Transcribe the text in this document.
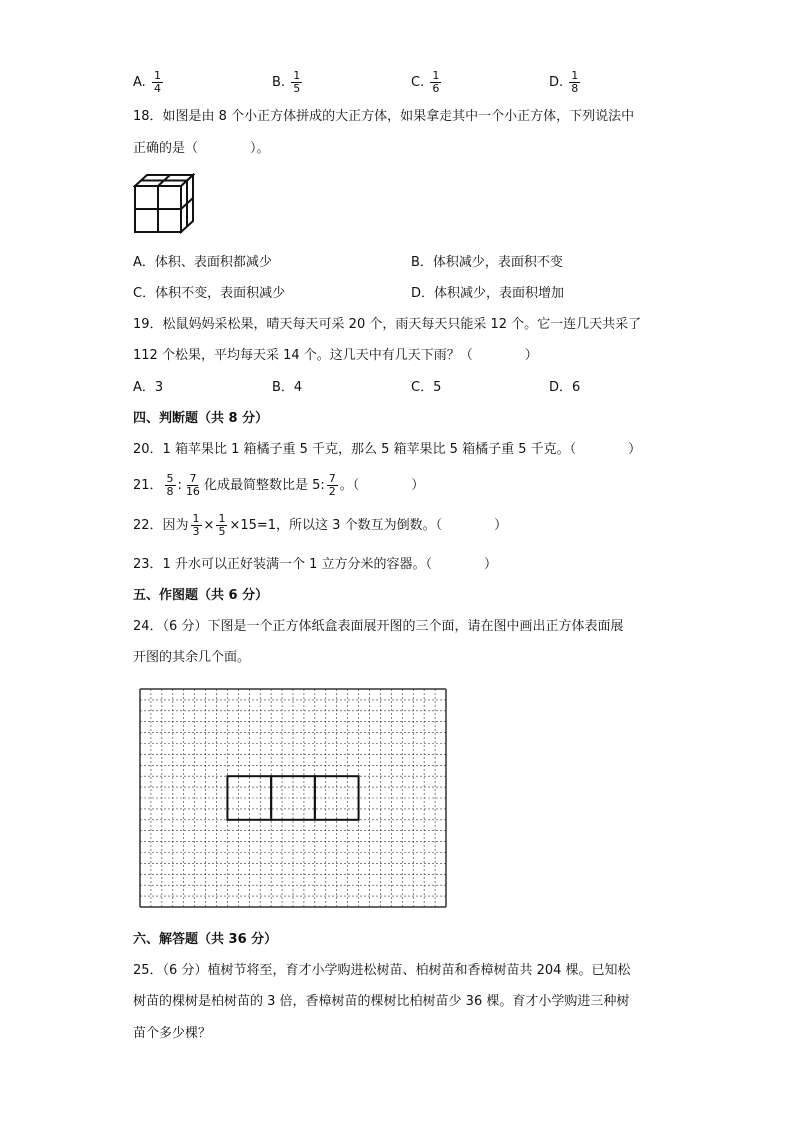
A. $\frac{1}{4}$	B. $\frac{1}{5}$	C. $\frac{1}{6}$	D. $\frac{1}{8}$
18．如图是由 8 个小正方体拼成的大正方体，如果拿走其中一个小正方体，下列说法中
正确的是（　　　　）。
A．体积、表面积都减少	B．体积减少，表面积不变
C．体积不变，表面积减少	D．体积减少，表面积增加
19．松鼠妈妈采松果，晴天每天可采 20 个，雨天每天只能采 12 个。它一连几天共采了
112 个松果，平均每天采 14 个。这几天中有几天下雨？（　　　　）
A．3	B．4	C．5	D．6
四、判断题（共 8 分）
20．1 箱苹果比 1 箱橘子重 5 千克，那么 5 箱苹果比 5 箱橘子重 5 千克。（　　　　）
21． $\frac{5}{8}$ : $\frac{7}{16}$ 化成最简整数比是 5: $\frac{7}{2}$ 。（　　　　）
22．因为 $\frac{1}{3} \times \frac{1}{5} \times 15=1$，所以这 3 个数互为倒数。（　　　　）
23．1 升水可以正好装满一个 1 立方分米的容器。（　　　　）
五、作图题（共 6 分）
24．（6 分）下图是一个正方体纸盒表面展开图的三个面，请在图中画出正方体表面展
开图的其余几个面。
六、解答题（共 36 分）
25．（6 分）植树节将至，育才小学购进松树苗、柏树苗和香樟树苗共 204 棵。已知松
树苗的棵树是柏树苗的 3 倍，香樟树苗的棵树比柏树苗少 36 棵。育才小学购进三种树
苗个多少棵？
